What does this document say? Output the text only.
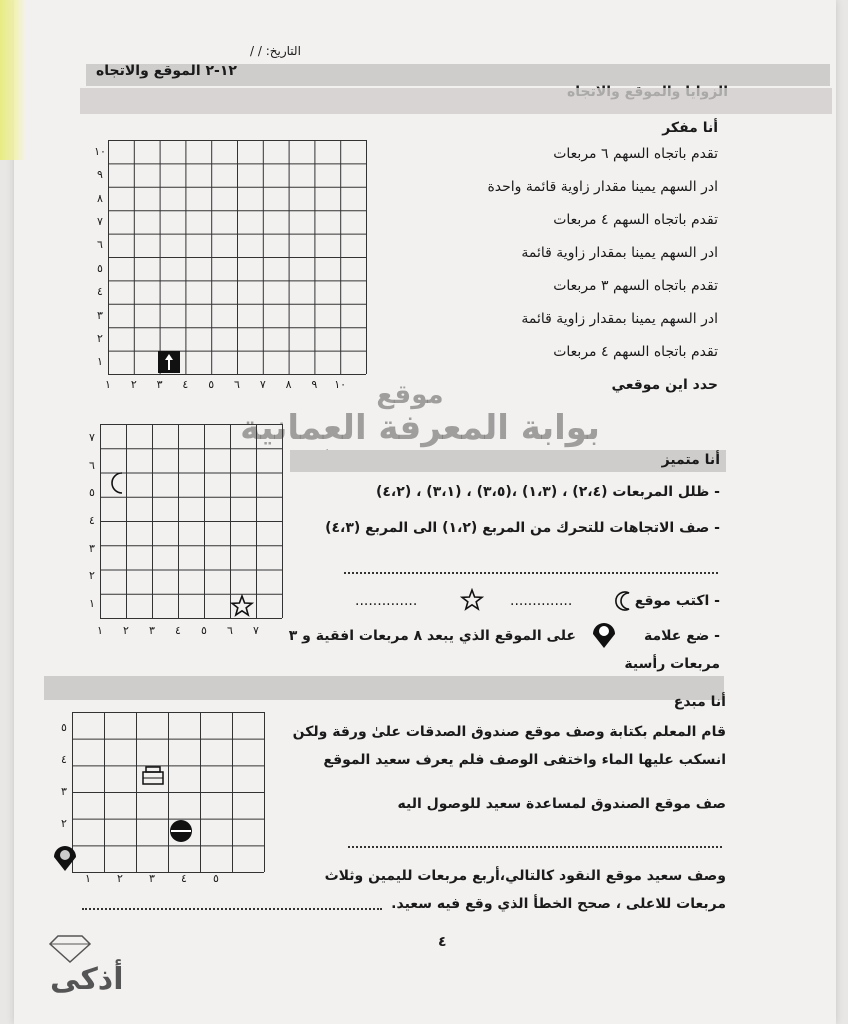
التاريخ: / /
١٢-٢ الموقع والاتجاه
أنا مفكر
تقدم باتجاه السهم ٦ مربعات
ادر السهم يمينا مقدار زاوية قائمة واحدة
تقدم باتجاه السهم ٤ مربعات
ادر السهم يمينا بمقدار زاوية قائمة
تقدم باتجاه السهم ٣ مربعات
ادر السهم يمينا بمقدار زاوية قائمة
تقدم باتجاه السهم ٤ مربعات
حدد اين موقعي
١	٢	٣	٤	٥	٦	٧	٨	٩	١٠
١
٢
٣
٤
٥
٦
٧
٨
٩
١٠
موقع
بوابة المعرفة العمانية
أنا متميز
- ظلل المربعات (٢،٤) ، (١،٣) ،(٣،٥) ، (٣،١) ، (٤،٢)
- صف الاتجاهات للتحرك من المربع (١،٢) الى المربع (٤،٣)
- اكتب موقع
..............
..............
- ضع علامة
على الموقع الذي يبعد ٨ مربعات افقية و ٣
مربعات رأسية
١	٢	٣	٤	٥	٦	٧
١
٢
٣
٤
٥
٦
٧
أنا مبدع
قام المعلم بكتابة وصف موقع صندوق الصدقات علىٰ ورقة ولكن
انسكب عليها الماء واختفى الوصف فلم يعرف سعيد الموقع
صف موقع الصندوق لمساعدة سعيد للوصول اليه
وصف سعيد موقع النقود كالتالي،أربع مربعات لليمين وثلاث
مربعات للاعلى ، صحح الخطأ الذي وقع فيه سعيد.
١	٢	٣	٤	٥
٢
٣
٤
٥
٤
أذكى
